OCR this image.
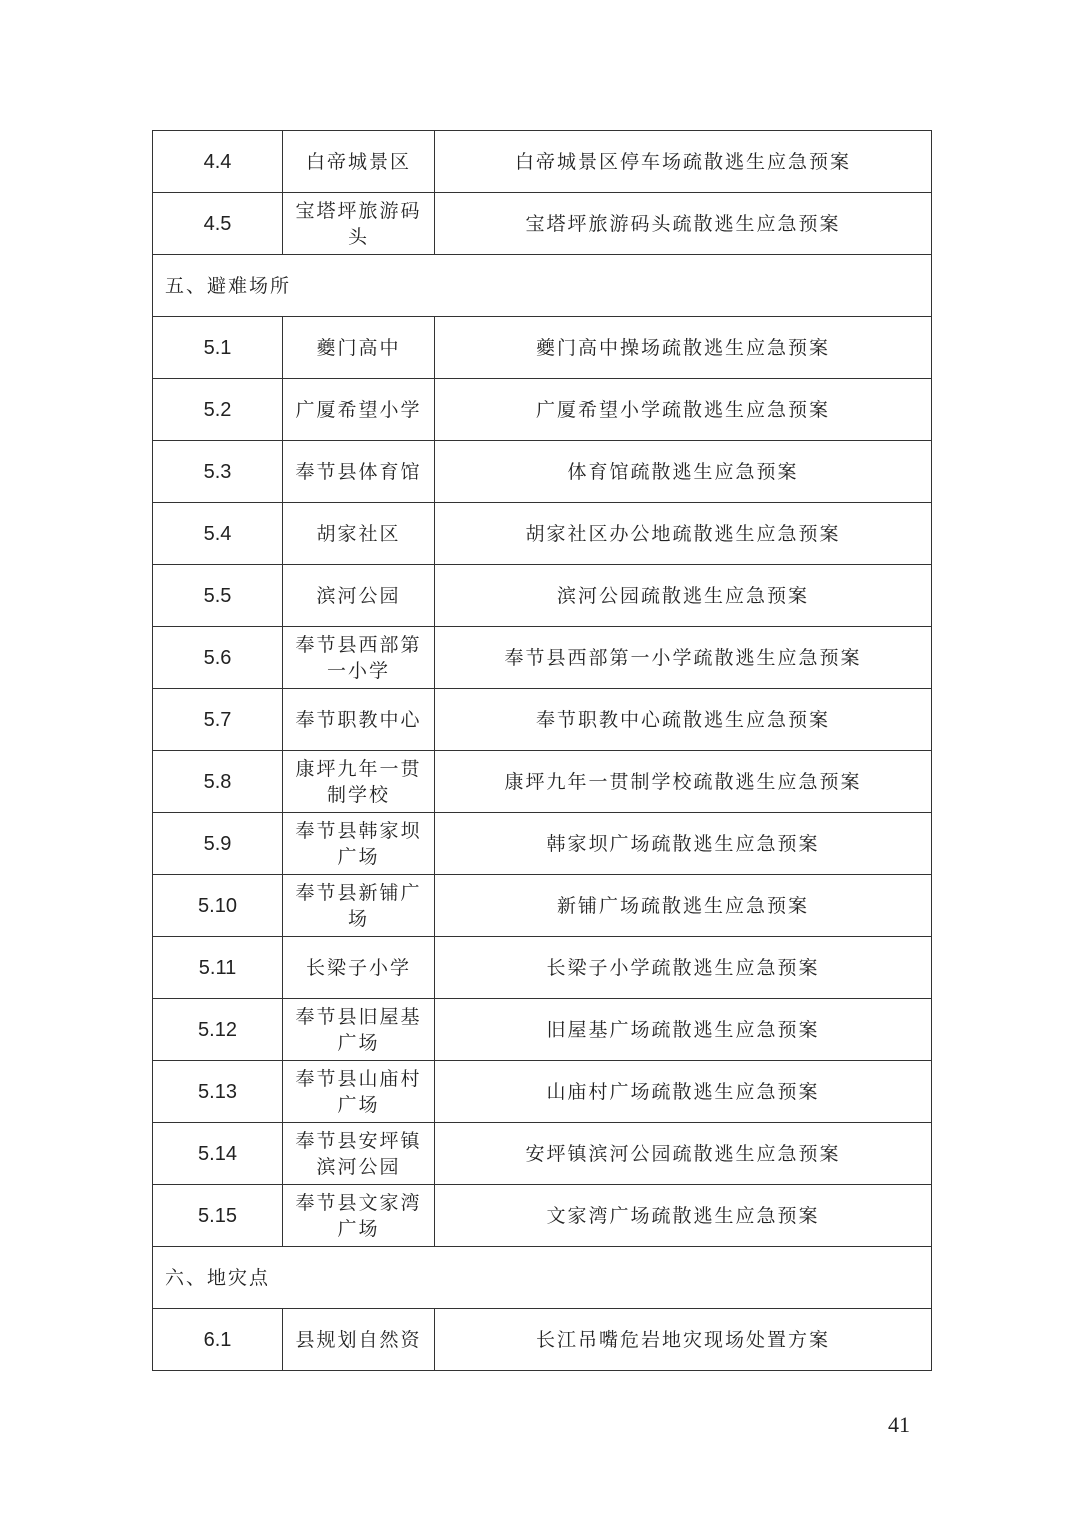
4.4	白帝城景区	白帝城景区停车场疏散逃生应急预案
4.5	宝塔坪旅游码头	宝塔坪旅游码头疏散逃生应急预案
五、避难场所		
5.1	夔门高中	夔门高中操场疏散逃生应急预案
5.2	广厦希望小学	广厦希望小学疏散逃生应急预案
5.3	奉节县体育馆	体育馆疏散逃生应急预案
5.4	胡家社区	胡家社区办公地疏散逃生应急预案
5.5	滨河公园	滨河公园疏散逃生应急预案
5.6	奉节县西部第一小学	奉节县西部第一小学疏散逃生应急预案
5.7	奉节职教中心	奉节职教中心疏散逃生应急预案
5.8	康坪九年一贯制学校	康坪九年一贯制学校疏散逃生应急预案
5.9	奉节县韩家坝广场	韩家坝广场疏散逃生应急预案
5.10	奉节县新铺广场	新铺广场疏散逃生应急预案
5.11	长梁子小学	长梁子小学疏散逃生应急预案
5.12	奉节县旧屋基广场	旧屋基广场疏散逃生应急预案
5.13	奉节县山庙村广场	山庙村广场疏散逃生应急预案
5.14	奉节县安坪镇滨河公园	安坪镇滨河公园疏散逃生应急预案
5.15	奉节县文家湾广场	文家湾广场疏散逃生应急预案
六、地灾点		
6.1	县规划自然资	长江吊嘴危岩地灾现场处置方案
41
